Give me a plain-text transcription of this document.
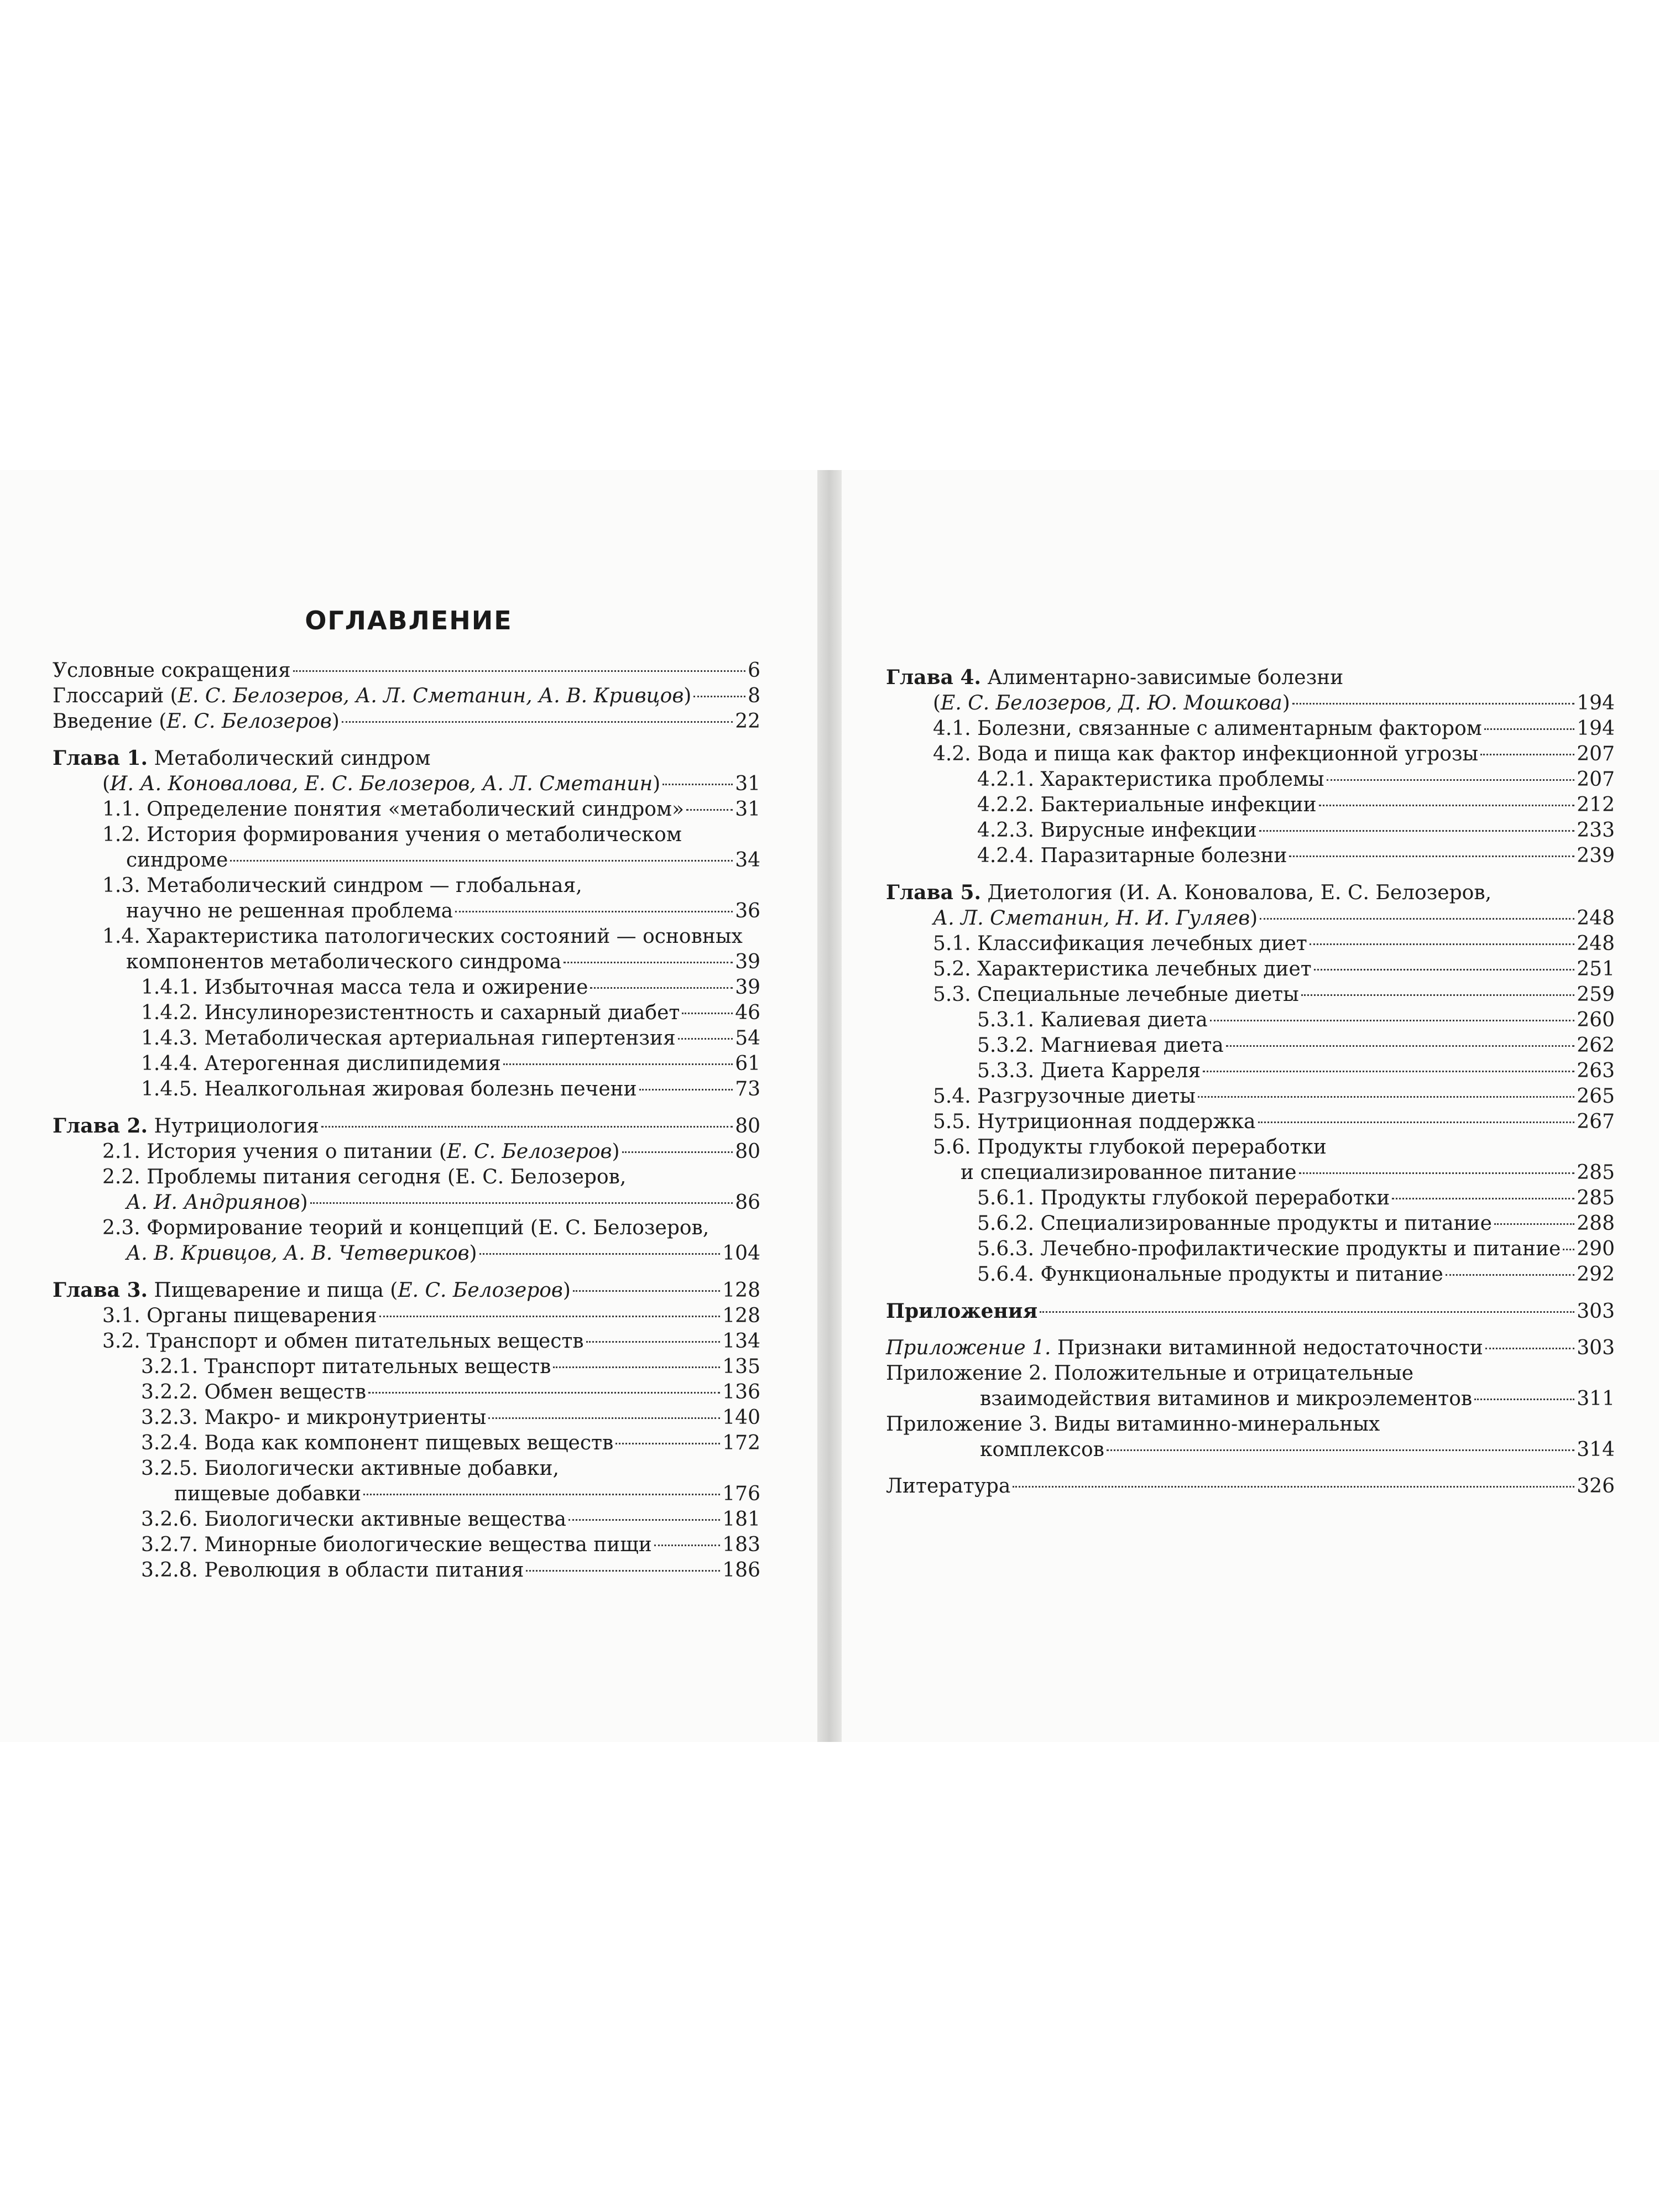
ОГЛАВЛЕНИЕ
Условные сокращения	6
Глоссарий (Е. С. Белозеров, А. Л. Сметанин, А. В. Кривцов)	8
Введение (Е. С. Белозеров)	22
Глава 1. Метаболический синдром
(И. А. Коновалова, Е. С. Белозеров, А. Л. Сметанин)	31
1.1. Определение понятия «метаболический синдром»	31
1.2. История формирования учения о метаболическом
синдроме	34
1.3. Метаболический синдром — глобальная,
научно не решенная проблема	36
1.4. Характеристика патологических состояний — основных
компонентов метаболического синдрома	39
1.4.1. Избыточная масса тела и ожирение	39
1.4.2. Инсулинорезистентность и сахарный диабет	46
1.4.3. Метаболическая артериальная гипертензия	54
1.4.4. Атерогенная дислипидемия	61
1.4.5. Неалкогольная жировая болезнь печени	73
Глава 2. Нутрициология	80
2.1. История учения о питании (Е. С. Белозеров)	80
2.2. Проблемы питания сегодня (Е. С. Белозеров,
А. И. Андриянов)	86
2.3. Формирование теорий и концепций (Е. С. Белозеров,
А. В. Кривцов, А. В. Четвериков)	104
Глава 3. Пищеварение и пища (Е. С. Белозеров)	128
3.1. Органы пищеварения	128
3.2. Транспорт и обмен питательных веществ	134
3.2.1. Транспорт питательных веществ	135
3.2.2. Обмен веществ	136
3.2.3. Макро- и микронутриенты	140
3.2.4. Вода как компонент пищевых веществ	172
3.2.5. Биологически активные добавки,
пищевые добавки	176
3.2.6. Биологически активные вещества	181
3.2.7. Минорные биологические вещества пищи	183
3.2.8. Революция в области питания	186
Глава 4. Алиментарно-зависимые болезни
(Е. С. Белозеров, Д. Ю. Мошкова)	194
4.1. Болезни, связанные с алиментарным фактором	194
4.2. Вода и пища как фактор инфекционной угрозы	207
4.2.1. Характеристика проблемы	207
4.2.2. Бактериальные инфекции	212
4.2.3. Вирусные инфекции	233
4.2.4. Паразитарные болезни	239
Глава 5. Диетология (И. А. Коновалова, Е. С. Белозеров,
А. Л. Сметанин, Н. И. Гуляев)	248
5.1. Классификация лечебных диет	248
5.2. Характеристика лечебных диет	251
5.3. Специальные лечебные диеты	259
5.3.1. Калиевая диета	260
5.3.2. Магниевая диета	262
5.3.3. Диета Карреля	263
5.4. Разгрузочные диеты	265
5.5. Нутриционная поддержка	267
5.6. Продукты глубокой переработки
и специализированное питание	285
5.6.1. Продукты глубокой переработки	285
5.6.2. Специализированные продукты и питание	288
5.6.3. Лечебно-профилактические продукты и питание 290
5.6.4. Функциональные продукты и питание	292
Приложения	303
Приложение 1. Признаки витаминной недостаточности	303
Приложение 2. Положительные и отрицательные
взаимодействия витаминов и микроэлементов	311
Приложение 3. Виды витаминно-минеральных
комплексов	314
Литература	326
